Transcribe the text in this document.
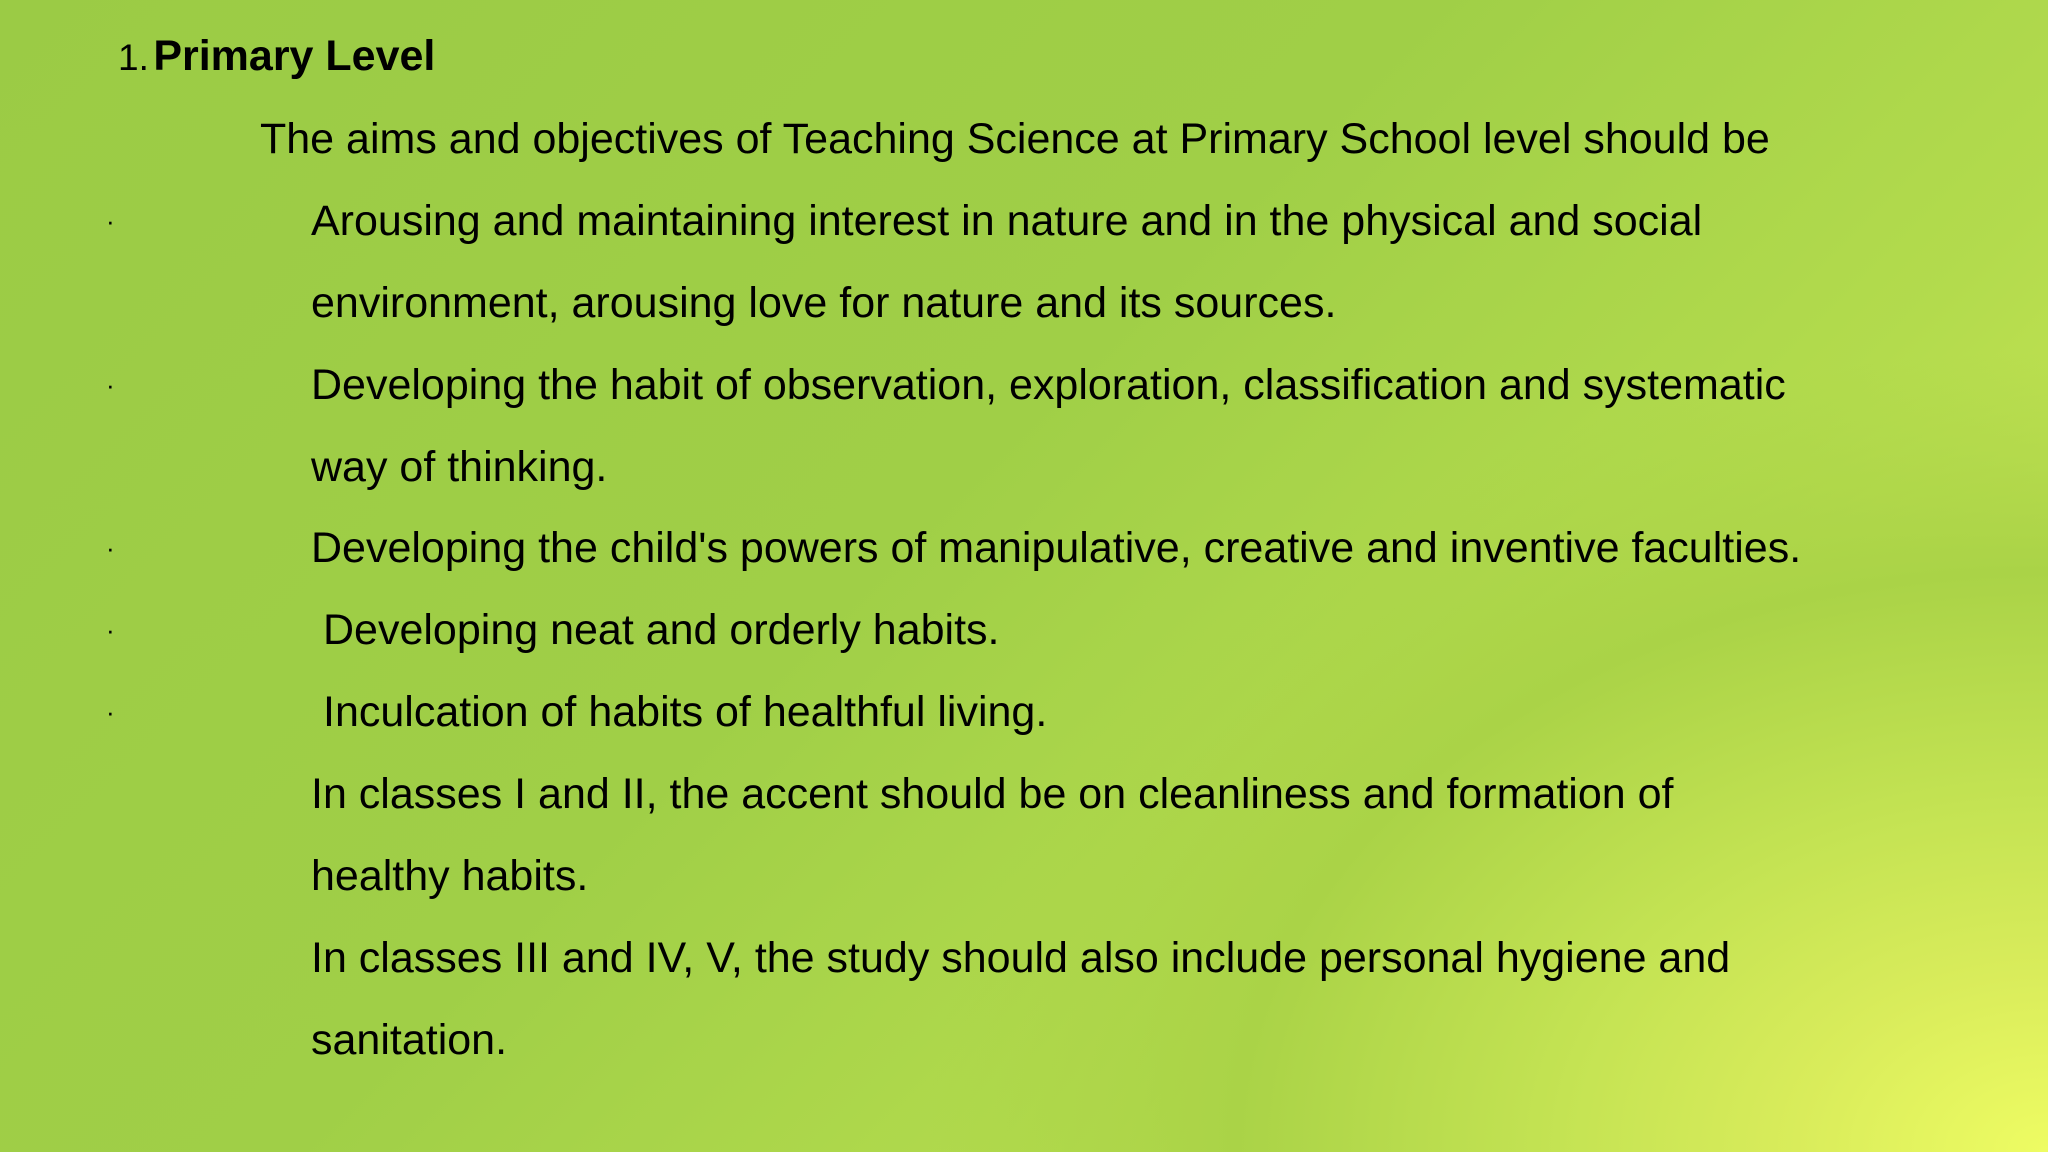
1. Primary Level
The aims and objectives of Teaching Science at Primary School level should be
·	Arousing and maintaining interest in nature and in the physical and social
environment, arousing love for nature and its sources.
·	Developing the habit of observation, exploration, classification and systematic
way of thinking.
·	Developing the child's powers of manipulative, creative and inventive faculties.
·	Developing neat and orderly habits.
·	Inculcation of habits of healthful living.
In classes I and II, the accent should be on cleanliness and formation of
healthy habits.
In classes III and IV, V, the study should also include personal hygiene and
sanitation.
